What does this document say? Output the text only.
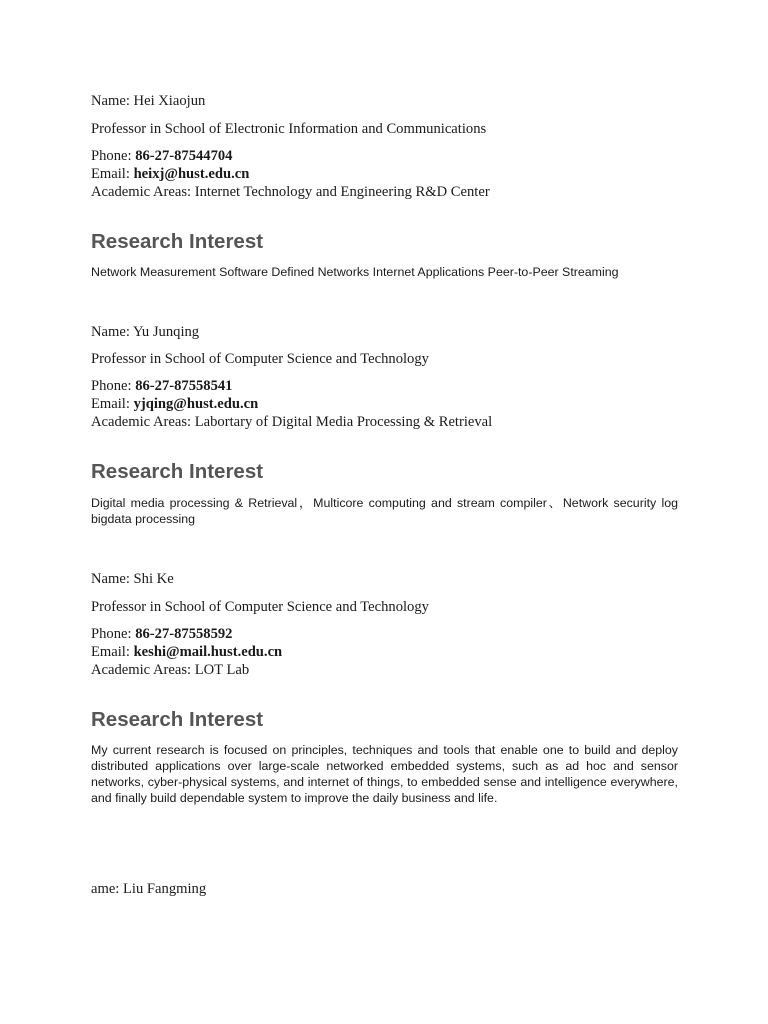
Name: Hei Xiaojun
Professor in School of Electronic Information and Communications
Phone: 86-27-87544704
Email: heixj@hust.edu.cn
Academic Areas: Internet Technology and Engineering R&D Center
Research Interest
Network Measurement Software Defined Networks Internet Applications Peer-to-Peer Streaming
Name: Yu Junqing
Professor in School of Computer Science and Technology
Phone: 86-27-87558541
Email: yjqing@hust.edu.cn
Academic Areas: Labortary of Digital Media Processing & Retrieval
Research Interest
Digital media processing & Retrieval，Multicore computing and stream compiler、Network security log bigdata processing
Name: Shi Ke
Professor in School of Computer Science and Technology
Phone: 86-27-87558592
Email: keshi@mail.hust.edu.cn
Academic Areas: LOT Lab
Research Interest
My current research is focused on principles, techniques and tools that enable one to build and deploy distributed applications over large-scale networked embedded systems, such as ad hoc and sensor networks, cyber-physical systems, and internet of things, to embedded sense and intelligence everywhere, and finally build dependable system to improve the daily business and life.
ame: Liu Fangming
